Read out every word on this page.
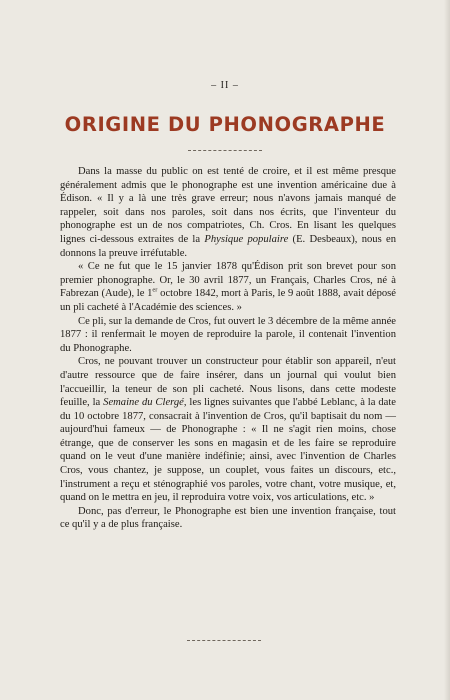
– II –
ORIGINE DU PHONOGRAPHE

Dans la masse du public on est tenté de croire, et il est même presque généralement admis que le phonographe est une invention américaine due à Édison. « Il y a là une très grave erreur; nous n'avons jamais manqué de rappeler, soit dans nos paroles, soit dans nos écrits, que l'inventeur du phonographe est un de nos compatriotes, Ch. Cros. En lisant les quelques lignes ci-dessous extraites de la Physique populaire (E. Desbeaux), nous en donnons la preuve irréfutable.

« Ce ne fut que le 15 janvier 1878 qu'Édison prit son brevet pour son premier phonographe. Or, le 30 avril 1877, un Français, Charles Cros, né à Fabrezan (Aude), le 1er octobre 1842, mort à Paris, le 9 août 1888, avait déposé un pli cacheté à l'Académie des sciences. »

Ce pli, sur la demande de Cros, fut ouvert le 3 décembre de la même année 1877 : il renfermait le moyen de reproduire la parole, il contenait l'invention du Phonographe.

Cros, ne pouvant trouver un constructeur pour établir son appareil, n'eut d'autre ressource que de faire insérer, dans un journal qui voulut bien l'accueillir, la teneur de son pli cacheté. Nous lisons, dans cette modeste feuille, la Semaine du Clergé, les lignes suivantes que l'abbé Leblanc, à la date du 10 octobre 1877, consacrait à l'invention de Cros, qu'il baptisait du nom — aujourd'hui fameux — de Phonographe : « Il ne s'agit rien moins, chose étrange, que de conserver les sons en magasin et de les faire se reproduire quand on le veut d'une manière indéfinie; ainsi, avec l'invention de Charles Cros, vous chantez, je suppose, un couplet, vous faites un discours, etc., l'instrument a reçu et sténographié vos paroles, votre chant, votre musique, et, quand on le mettra en jeu, il reproduira votre voix, vos articulations, etc. »

Donc, pas d'erreur, le Phonographe est bien une invention française, tout ce qu'il y a de plus française.
